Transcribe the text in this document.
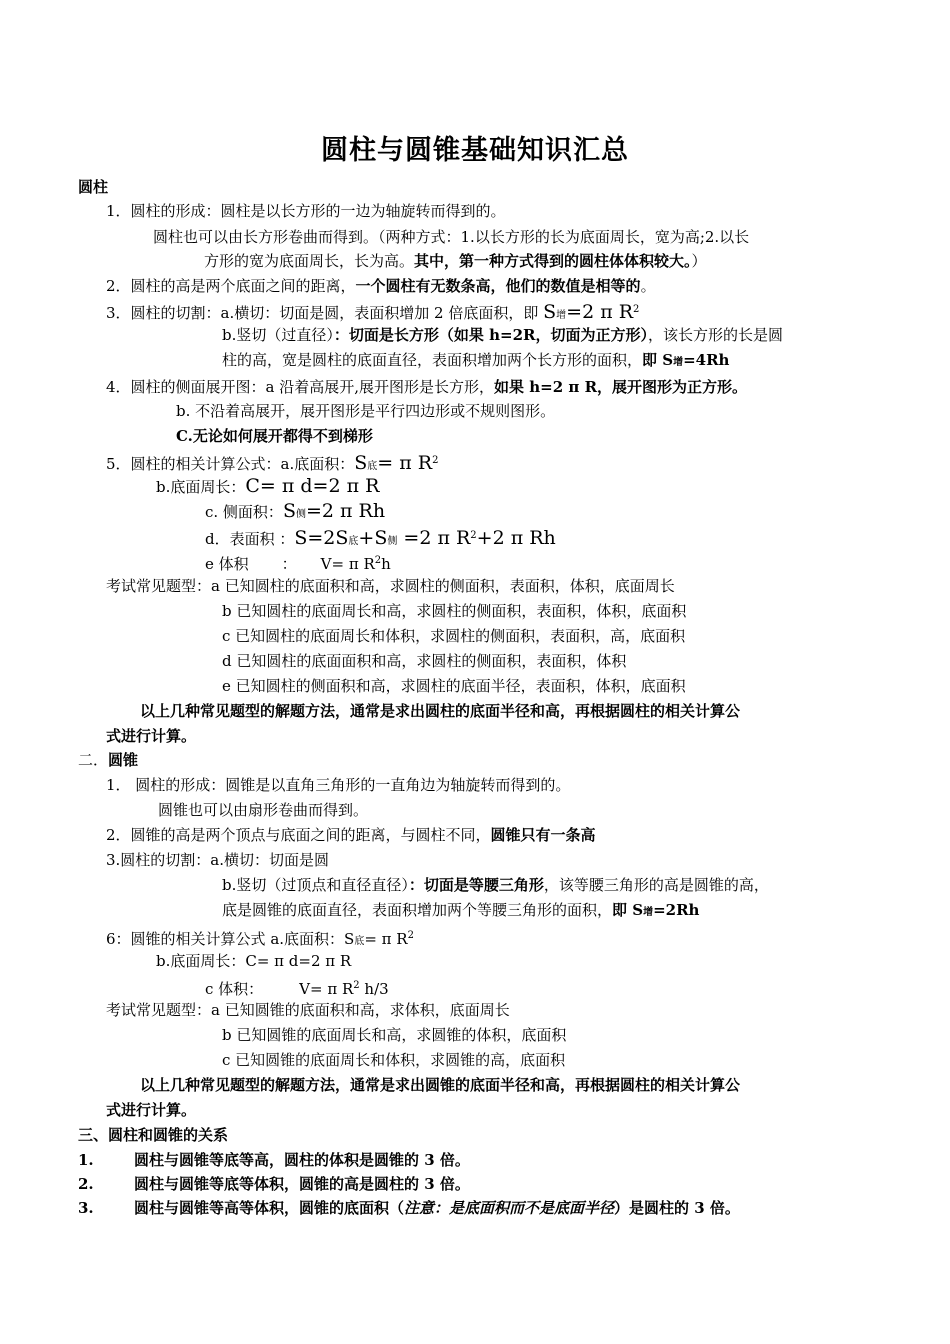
圆柱与圆锥基础知识汇总
圆柱
1．圆柱的形成：圆柱是以长方形的一边为轴旋转而得到的。
圆柱也可以由长方形卷曲而得到。（两种方式：1.以长方形的长为底面周长，宽为高;2.以长
方形的宽为底面周长，长为高。其中，第一种方式得到的圆柱体体积较大。）
2．圆柱的高是两个底面之间的距离，一个圆柱有无数条高，他们的数值是相等的。
3．圆柱的切割：a.横切：切面是圆，表面积增加 2 倍底面积，即 S增=2 π $R^2$
b.竖切（过直径）：切面是长方形（如果 h=2R，切面为正方形），该长方形的长是圆
柱的高，宽是圆柱的底面直径，表面积增加两个长方形的面积，即 S增=4Rh
4．圆柱的侧面展开图：a 沿着高展开,展开图形是长方形，如果 h=2 π R，展开图形为正方形。
b. 不沿着高展开，展开图形是平行四边形或不规则图形。
C.无论如何展开都得不到梯形
5．圆柱的相关计算公式：a.底面积：S底= π $R^2$
b.底面周长：C= π d=2 π R
c. 侧面积：S侧=2 π Rh
d．表面积 ：S=2S底+S侧 =2 π $R^2+2$ π Rh
e 体积 ： V= π $R^2h$
考试常见题型：a 已知圆柱的底面积和高，求圆柱的侧面积，表面积，体积，底面周长
b 已知圆柱的底面周长和高，求圆柱的侧面积，表面积，体积，底面积
c 已知圆柱的底面周长和体积，求圆柱的侧面积，表面积，高，底面积
d 已知圆柱的底面面积和高，求圆柱的侧面积，表面积，体积
e 已知圆柱的侧面积和高，求圆柱的底面半径，表面积，体积，底面积
以上几种常见题型的解题方法，通常是求出圆柱的底面半径和高，再根据圆柱的相关计算公
式进行计算。
二．圆锥
1． 圆柱的形成：圆锥是以直角三角形的一直角边为轴旋转而得到的。
圆锥也可以由扇形卷曲而得到。
2．圆锥的高是两个顶点与底面之间的距离，与圆柱不同，圆锥只有一条高
3.圆柱的切割：a.横切：切面是圆
b.竖切（过顶点和直径直径）：切面是等腰三角形，该等腰三角形的高是圆锥的高，
底是圆锥的底面直径，表面积增加两个等腰三角形的面积，即 S增=2Rh
6：圆锥的相关计算公式 a.底面积：S底= π $R^2$
b.底面周长：C= π d=2 π R
c 体积： V= π $R^2$ h/3
考试常见题型：a 已知圆锥的底面积和高，求体积，底面周长
b 已知圆锥的底面周长和高，求圆锥的体积，底面积
c 已知圆锥的底面周长和体积，求圆锥的高，底面积
以上几种常见题型的解题方法，通常是求出圆锥的底面半径和高，再根据圆柱的相关计算公
式进行计算。
三、圆柱和圆锥的关系
1.	圆柱与圆锥等底等高，圆柱的体积是圆锥的 3 倍。
2.	圆柱与圆锥等底等体积，圆锥的高是圆柱的 3 倍。
3.	圆柱与圆锥等高等体积，圆锥的底面积（注意：是底面积而不是底面半径）是圆柱的 3 倍。
